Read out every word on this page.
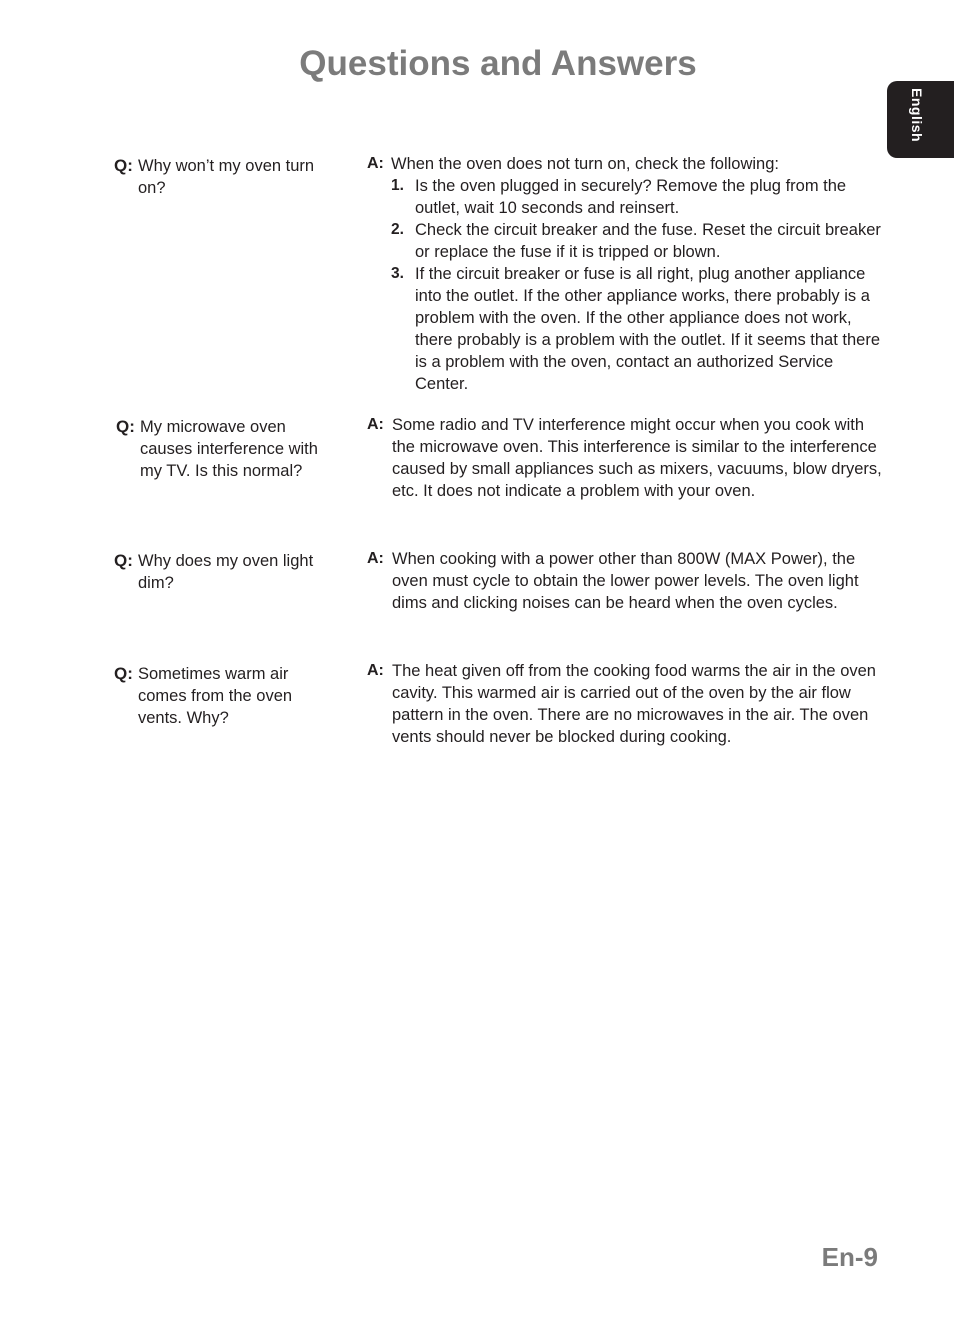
Questions and Answers
English
Q: Why won’t my oven turn on?
A: When the oven does not turn on, check the following:
1. Is the oven plugged in securely? Remove the plug from the outlet, wait 10 seconds and reinsert.
2. Check the circuit breaker and the fuse. Reset the circuit breaker or replace the fuse if it is tripped or blown.
3. If the circuit breaker or fuse is all right, plug another appliance into the outlet. If the other appliance works, there probably is a problem with the oven. If the other appliance does not work, there probably is a problem with the outlet. If it seems that there is a problem with the oven, contact an authorized Service Center.
Q: My microwave oven causes interference with my TV. Is this normal?
A: Some radio and TV interference might occur when you cook with the microwave oven. This interference is similar to the interference caused by small appliances such as mixers, vacuums, blow dryers, etc. It does not indicate a problem with your oven.
Q: Why does my oven light dim?
A: When cooking with a power other than 800W (MAX Power), the oven must cycle to obtain the lower power levels. The oven light dims and clicking noises can be heard when the oven cycles.
Q: Sometimes warm air comes from the oven vents. Why?
A: The heat given off from the cooking food warms the air in the oven cavity. This warmed air is carried out of the oven by the air flow pattern in the oven. There are no microwaves in the air. The oven vents should never be blocked during cooking.
En-9
